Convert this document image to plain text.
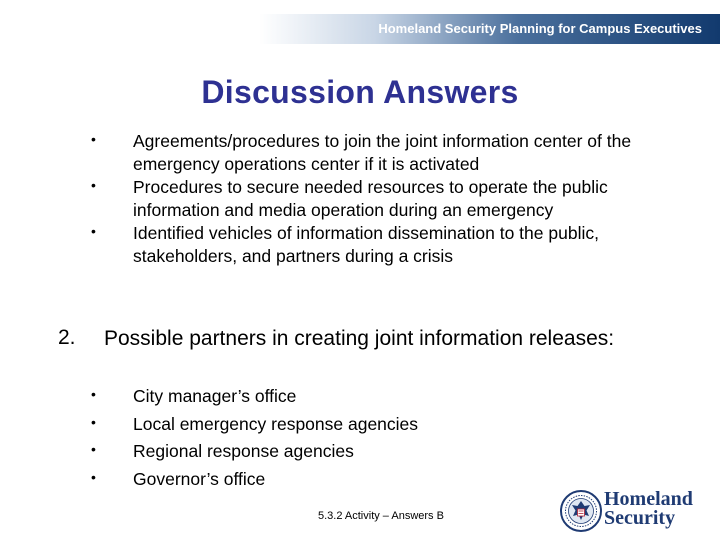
Homeland Security Planning for Campus Executives
Discussion Answers
• Agreements/procedures to join the joint information center of the emergency operations center if it is activated
• Procedures to secure needed resources to operate the public information and media operation during an emergency
• Identified vehicles of information dissemination to the public, stakeholders, and partners during a crisis
2. Possible partners in creating joint information releases:
• City manager’s office
• Local emergency response agencies
• Regional response agencies
• Governor’s office
5.3.2 Activity – Answers B
Homeland
Security
